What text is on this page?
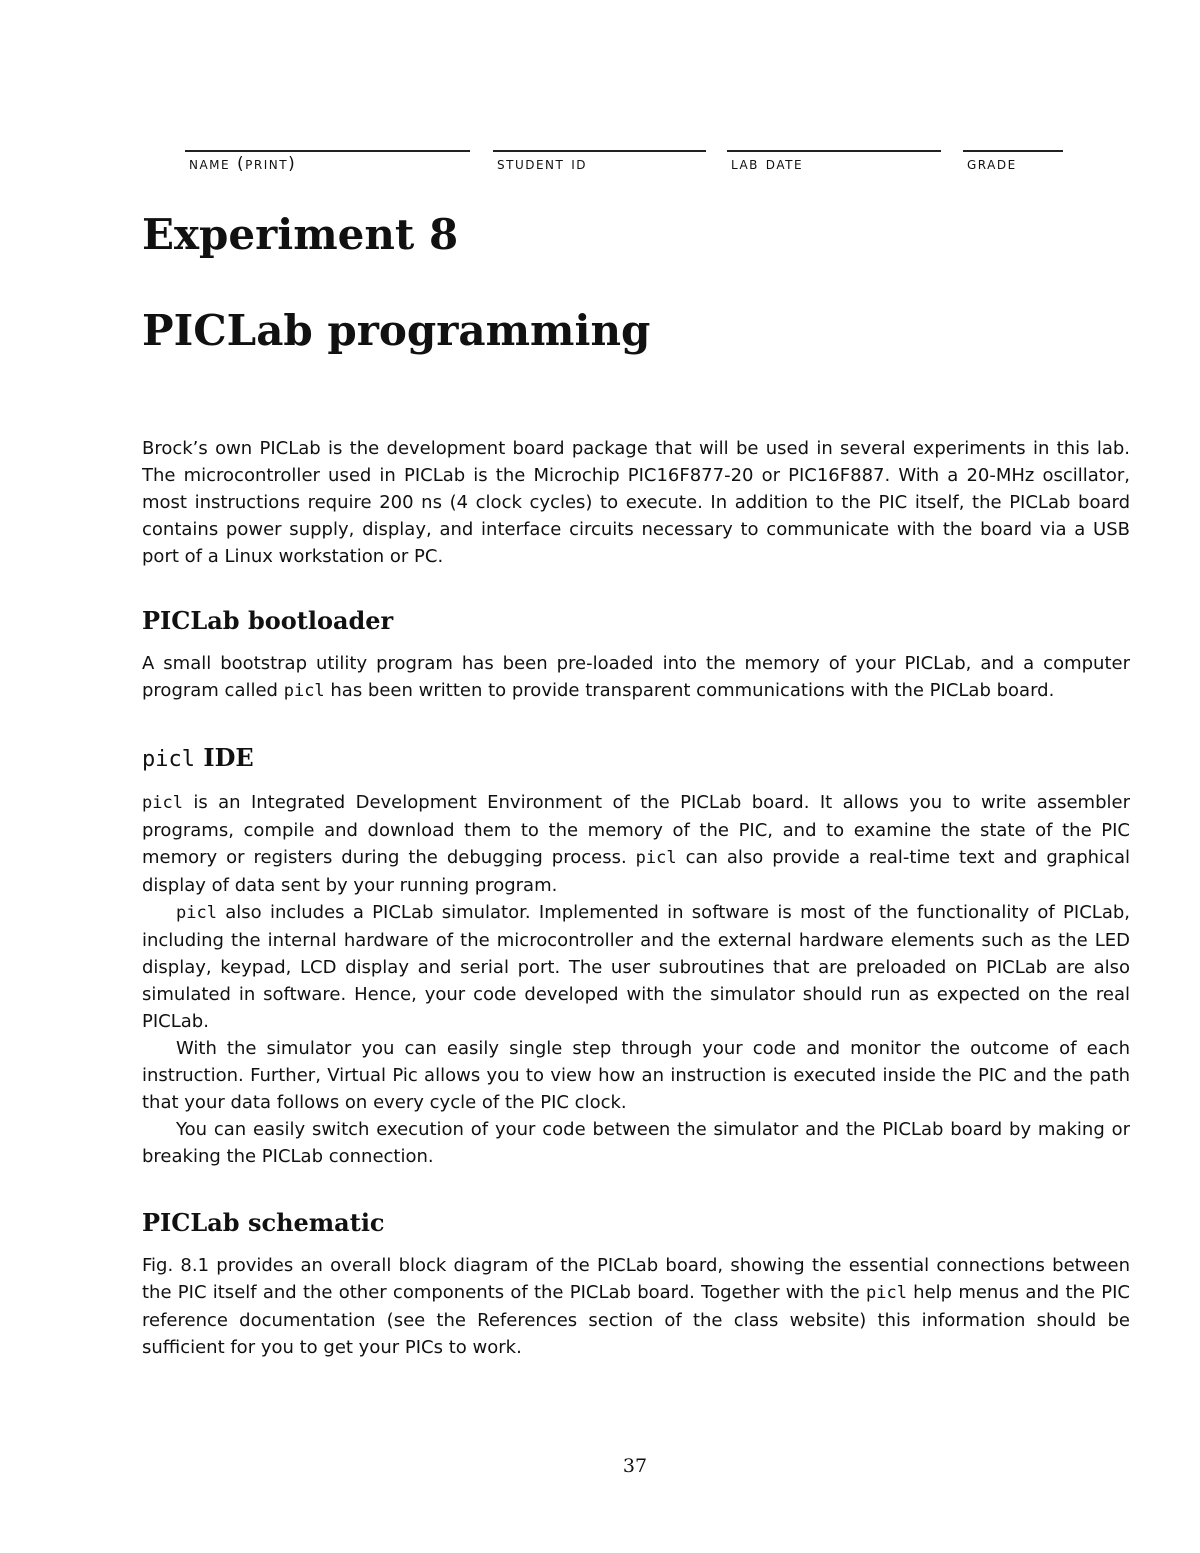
name (print)	student id	lab date	grade
Experiment 8
PICLab programming

Brock’s own PICLab is the development board package that will be used in several experiments in this lab. The microcontroller used in PICLab is the Microchip PIC16F877-20 or PIC16F887. With a 20-MHz oscillator, most instructions require 200 ns (4 clock cycles) to execute. In addition to the PIC itself, the PICLab board contains power supply, display, and interface circuits necessary to communicate with the board via a USB port of a Linux workstation or PC.

PICLab bootloader

A small bootstrap utility program has been pre-loaded into the memory of your PICLab, and a computer program called picl has been written to provide transparent communications with the PICLab board.

picl IDE

picl is an Integrated Development Environment of the PICLab board. It allows you to write assembler programs, compile and download them to the memory of the PIC, and to examine the state of the PIC memory or registers during the debugging process. picl can also provide a real-time text and graphical display of data sent by your running program.

picl also includes a PICLab simulator. Implemented in software is most of the functionality of PICLab, including the internal hardware of the microcontroller and the external hardware elements such as the LED display, keypad, LCD display and serial port. The user subroutines that are preloaded on PICLab are also simulated in software. Hence, your code developed with the simulator should run as expected on the real PICLab.

With the simulator you can easily single step through your code and monitor the outcome of each instruction. Further, Virtual Pic allows you to view how an instruction is executed inside the PIC and the path that your data follows on every cycle of the PIC clock.

You can easily switch execution of your code between the simulator and the PICLab board by making or breaking the PICLab connection.

PICLab schematic

Fig. 8.1 provides an overall block diagram of the PICLab board, showing the essential connections between the PIC itself and the other components of the PICLab board. Together with the picl help menus and the PIC reference documentation (see the References section of the class website) this information should be sufficient for you to get your PICs to work.

37
